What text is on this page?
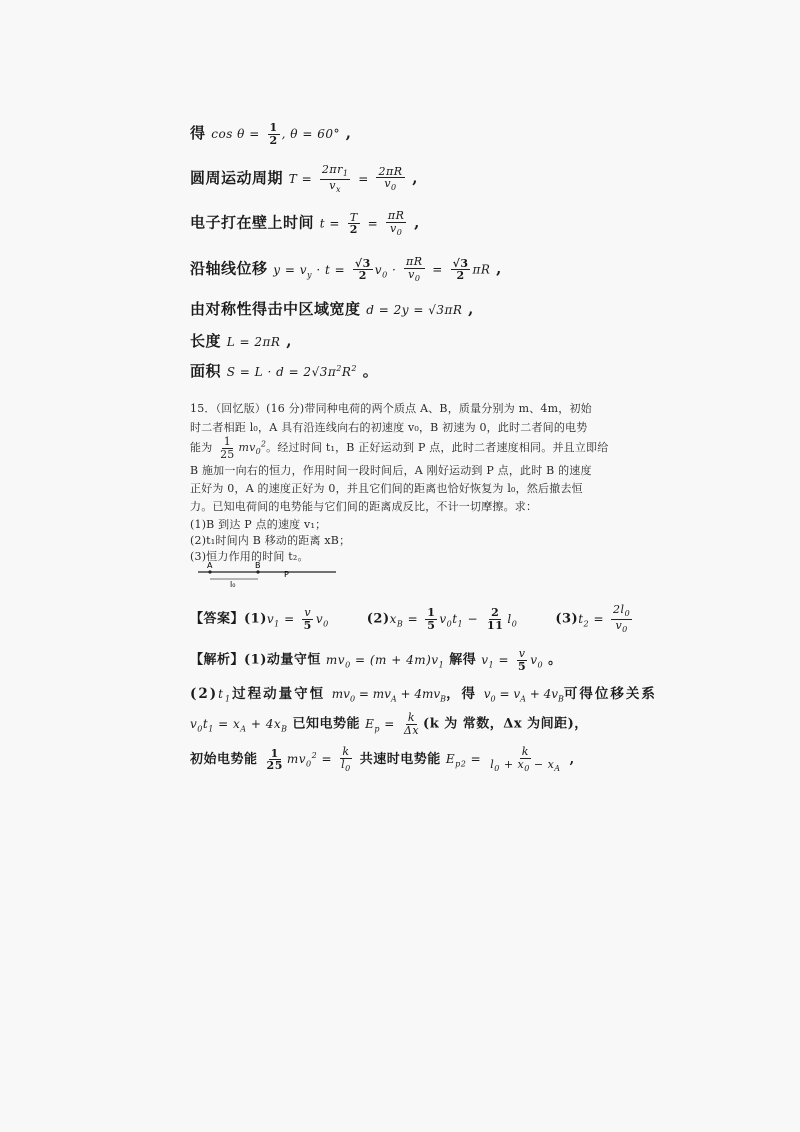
得 $\cos \theta = \frac{1}{2}$ , θ = 60° ,
圆周运动周期 $T = \frac{2\pi r_1}{v_x} = \frac{2\pi R}{v_0}$ ,
电子打在壁上时间 $t = \frac{T}{2} = \frac{\pi R}{v_0}$ ,
沿轴线位移 $y = v_y \cdot t = \frac{√3}{2} v_0 \cdot \frac{\pi R}{v_0} = \frac{√3}{2}$ πR ,
由对称性得击中区域宽度 d = 2y = √3πR ,
长度 L = 2πR ,
面积 $S = L \cdot d = 2√3\pi^2R^2$ 。
15．（回忆版）(16 分)带同种电荷的两个质点 A、B，质量分别为 m、4m，初始
时二者相距 l₀，A 具有沿连线向右的初速度 v₀，B 初速为 0，此时二者间的电势
能为 $\frac{1}{25} mv_0^2$。经过时间 t₁，B 正好运动到 P 点，此时二者速度相同。并且立即给
B 施加一向右的恒力，作用时间一段时间后，A 刚好运动到 P 点，此时 B 的速度
正好为 0，A 的速度正好为 0，并且它们间的距离也恰好恢复为 l₀，然后撤去恒
力。已知电荷间的电势能与它们间的距离成反比，不计一切摩擦。求：
(1)B 到达 P 点的速度 v₁；
(2)t₁时间内 B 移动的距离 xB；
(3)恒力作用的时间 t₂。
A	B
l₀
P
【答案】$(1)v_1 = \frac{v}{5} v_0$	$(2)x_B = \frac{1}{5} v_0t_1 - \frac{2}{11} l_0$	$(3)t_2 = \frac{2l_0}{v_0}$
【解析】(1)动量守恒 $mv_0 = (m + 4m)v_1$ 解得 $v_1 = \frac{v}{5} v_0$ 。
$(2)t_1$过程动量守恒 $mv_0 = mv_A + 4mv_B$，得 $v_0 = v_A + 4v_B$可得位移关系
$v_0t_1 = x_A + 4x_B$ 已知电势能 $E_p = \frac{k}{\Delta x} (k$ 为 常数，Δx 为间距)，
初始电势能 $\frac{1}{25} mv_0^2 = \frac{k}{l_0}$ 共速时电势能 $E_{p2} = \frac{k}{l_0 + x_0 - x_A}$ ,
